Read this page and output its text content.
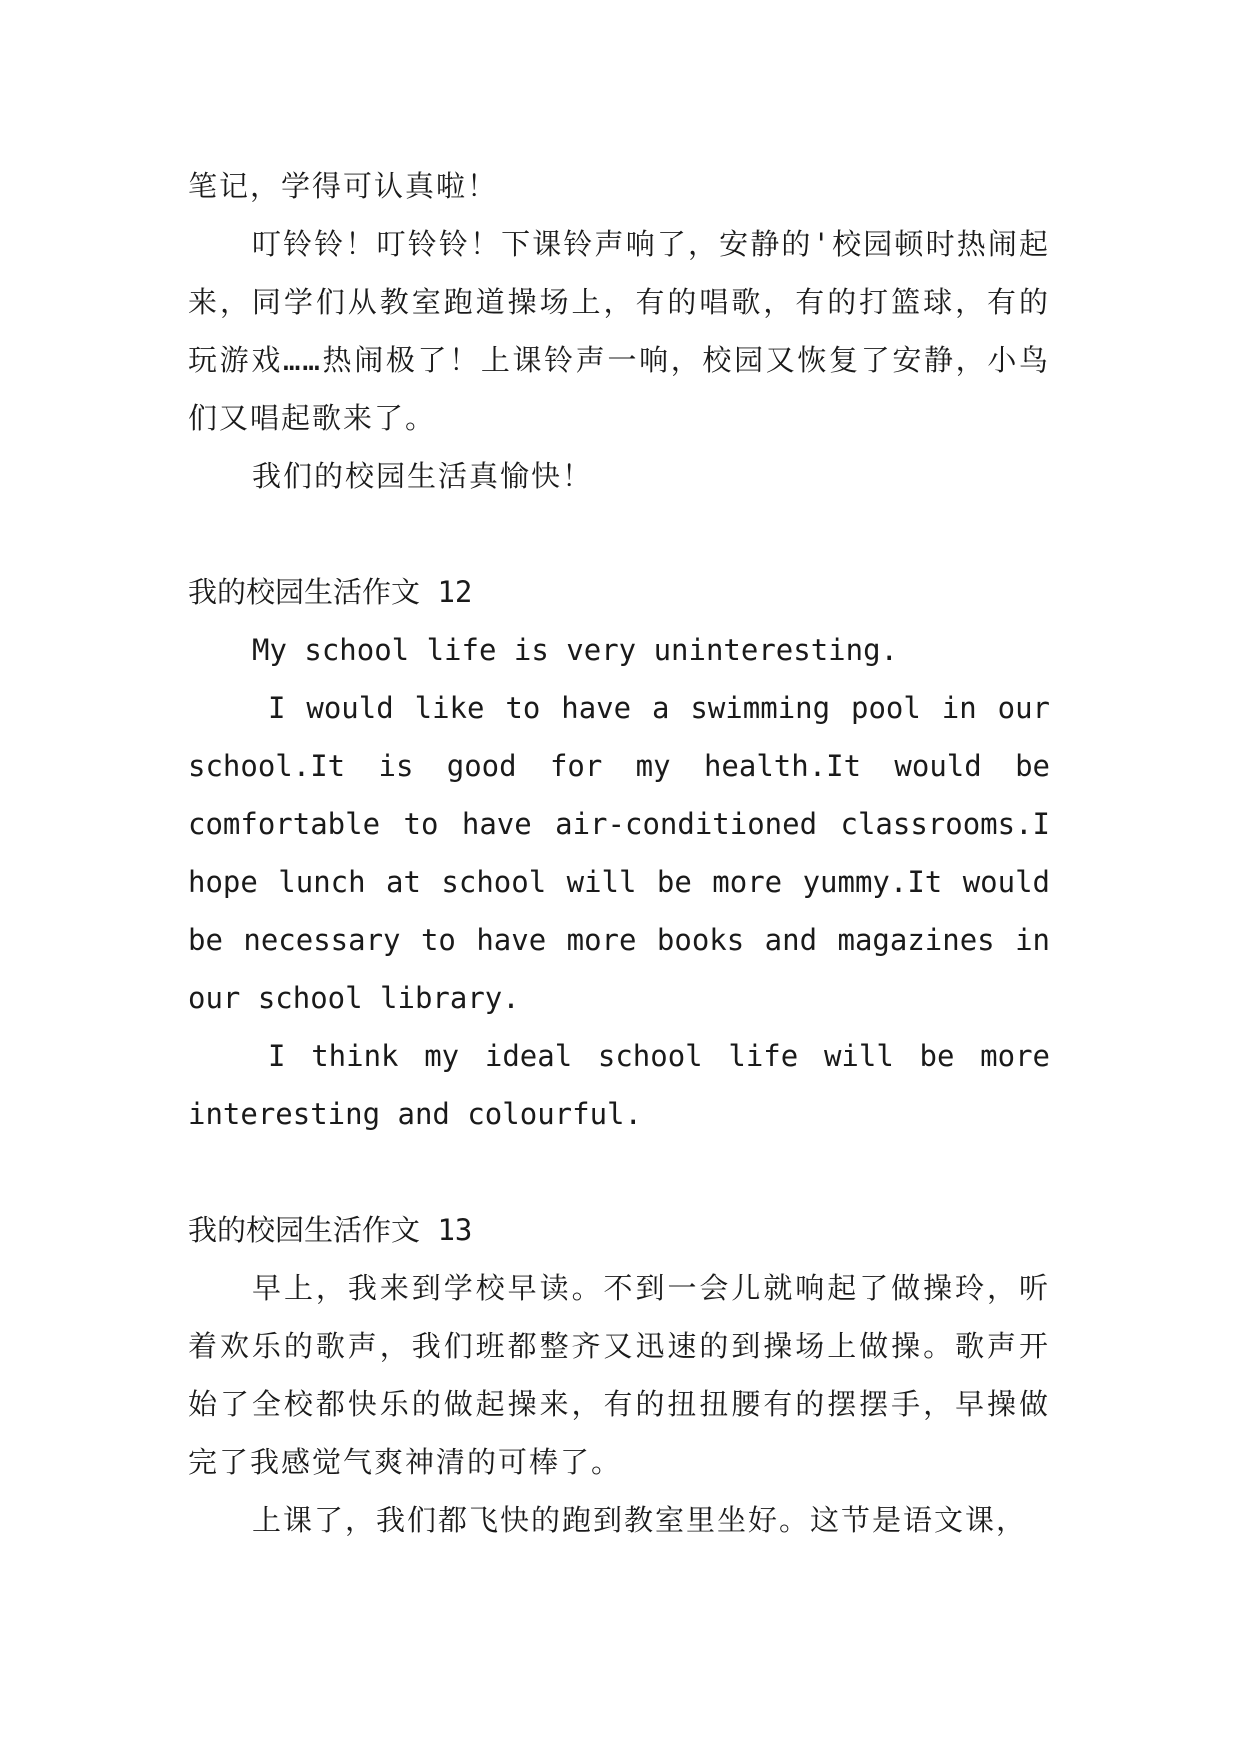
笔记，学得可认真啦！

叮铃铃！叮铃铃！下课铃声响了，安静的'校园顿时热闹起来，同学们从教室跑道操场上，有的唱歌，有的打篮球，有的玩游戏……热闹极了！上课铃声一响，校园又恢复了安静，小鸟们又唱起歌来了。

我们的校园生活真愉快！

我的校园生活作文 12

My school life is very uninteresting.

I would like to have a swimming pool in our school.It is good for my health.It would be comfortable to have air-conditioned classrooms.I hope lunch at school will be more yummy.It would be necessary to have more books and magazines in our school library.

I think my ideal school life will be more interesting and colourful.

我的校园生活作文 13

早上，我来到学校早读。不到一会儿就响起了做操玲，听着欢乐的歌声，我们班都整齐又迅速的到操场上做操。歌声开始了全校都快乐的做起操来，有的扭扭腰有的摆摆手，早操做完了我感觉气爽神清的可棒了。

上课了，我们都飞快的跑到教室里坐好。这节是语文课，
